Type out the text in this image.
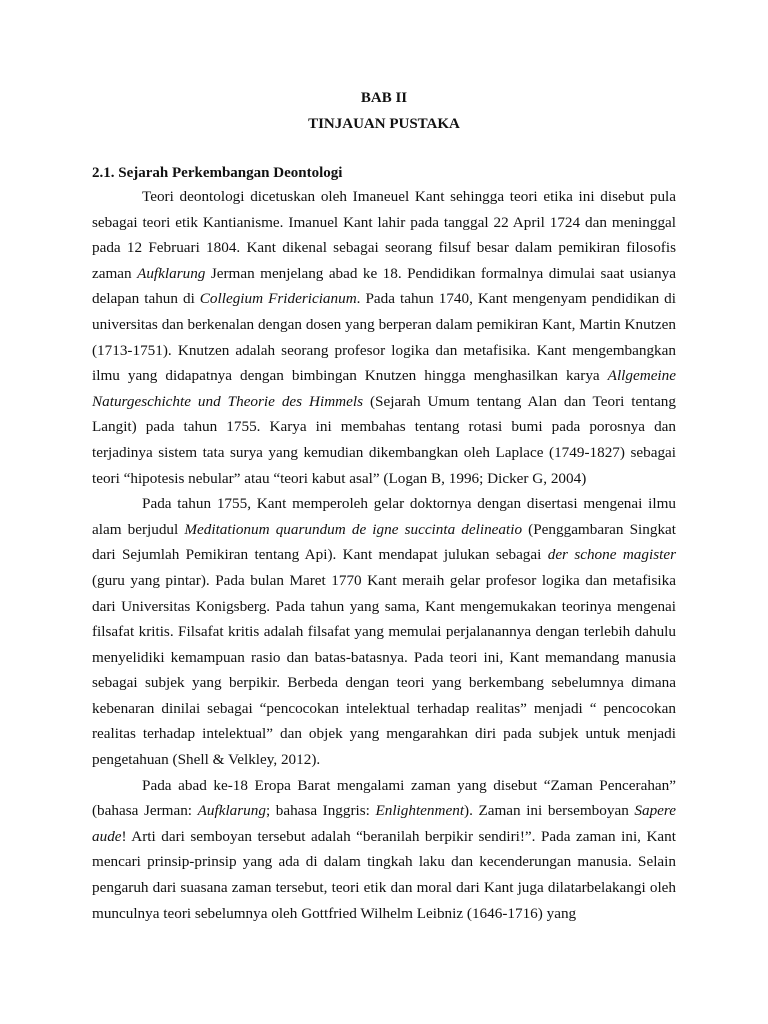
BAB II
TINJAUAN PUSTAKA
2.1. Sejarah Perkembangan Deontologi

Teori deontologi dicetuskan oleh Imaneuel Kant sehingga teori etika ini disebut pula sebagai teori etik Kantianisme. Imanuel Kant lahir pada tanggal 22 April 1724 dan meninggal pada 12 Februari 1804. Kant dikenal sebagai seorang filsuf besar dalam pemikiran filosofis zaman Aufklarung Jerman menjelang abad ke 18. Pendidikan formalnya dimulai saat usianya delapan tahun di Collegium Fridericianum. Pada tahun 1740, Kant mengenyam pendidikan di universitas dan berkenalan dengan dosen yang berperan dalam pemikiran Kant, Martin Knutzen (1713-1751). Knutzen adalah seorang profesor logika dan metafisika. Kant mengembangkan ilmu yang didapatnya dengan bimbingan Knutzen hingga menghasilkan karya Allgemeine Naturgeschichte und Theorie des Himmels (Sejarah Umum tentang Alan dan Teori tentang Langit) pada tahun 1755. Karya ini membahas tentang rotasi bumi pada porosnya dan terjadinya sistem tata surya yang kemudian dikembangkan oleh Laplace (1749-1827) sebagai teori “hipotesis nebular” atau “teori kabut asal” (Logan B, 1996; Dicker G, 2004)

Pada tahun 1755, Kant memperoleh gelar doktornya dengan disertasi mengenai ilmu alam berjudul Meditationum quarundum de igne succinta delineatio (Penggambaran Singkat dari Sejumlah Pemikiran tentang Api). Kant mendapat julukan sebagai der schone magister (guru yang pintar). Pada bulan Maret 1770 Kant meraih gelar profesor logika dan metafisika dari Universitas Konigsberg. Pada tahun yang sama, Kant mengemukakan teorinya mengenai filsafat kritis. Filsafat kritis adalah filsafat yang memulai perjalanannya dengan terlebih dahulu menyelidiki kemampuan rasio dan batas-batasnya. Pada teori ini, Kant memandang manusia sebagai subjek yang berpikir. Berbeda dengan teori yang berkembang sebelumnya dimana kebenaran dinilai sebagai “pencocokan intelektual terhadap realitas” menjadi “ pencocokan realitas terhadap intelektual” dan objek yang mengarahkan diri pada subjek untuk menjadi pengetahuan (Shell & Velkley, 2012).

Pada abad ke-18 Eropa Barat mengalami zaman yang disebut “Zaman Pencerahan” (bahasa Jerman: Aufklarung; bahasa Inggris: Enlightenment). Zaman ini bersemboyan Sapere aude! Arti dari semboyan tersebut adalah “beranilah berpikir sendiri!”. Pada zaman ini, Kant mencari prinsip-prinsip yang ada di dalam tingkah laku dan kecenderungan manusia. Selain pengaruh dari suasana zaman tersebut, teori etik dan moral dari Kant juga dilatarbelakangi oleh munculnya teori sebelumnya oleh Gottfried Wilhelm Leibniz (1646-1716) yang
